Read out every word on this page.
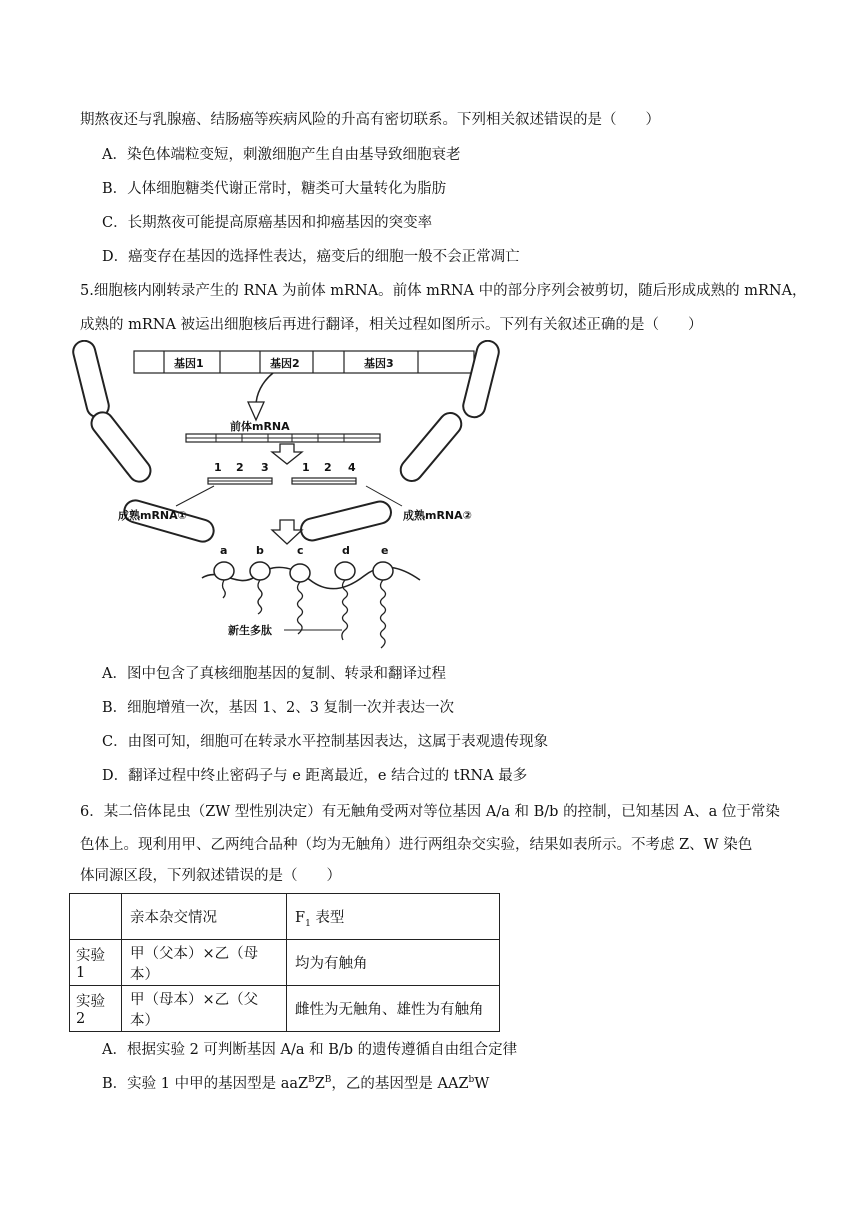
期熬夜还与乳腺癌、结肠癌等疾病风险的升高有密切联系。下列相关叙述错误的是（　　）
A．染色体端粒变短，刺激细胞产生自由基导致细胞衰老
B．人体细胞糖类代谢正常时，糖类可大量转化为脂肪
C．长期熬夜可能提高原癌基因和抑癌基因的突变率
D．癌变存在基因的选择性表达，癌变后的细胞一般不会正常凋亡
5.细胞核内刚转录产生的 RNA 为前体 mRNA。前体 mRNA 中的部分序列会被剪切，随后形成成熟的 mRNA，
成熟的 mRNA 被运出细胞核后再进行翻译，相关过程如图所示。下列有关叙述正确的是（　　）
基因1	基因2	基因3
前体mRNA
1 2 3	1 2 4
成熟mRNA①	成熟mRNA②
a	b	c	d	e
新生多肽
A．图中包含了真核细胞基因的复制、转录和翻译过程
B．细胞增殖一次，基因 1、2、3 复制一次并表达一次
C．由图可知，细胞可在转录水平控制基因表达，这属于表观遗传现象
D．翻译过程中终止密码子与 e 距离最近，e 结合过的 tRNA 最多
6．某二倍体昆虫（ZW 型性别决定）有无触角受两对等位基因 A/a 和 B/b 的控制，已知基因 A、a 位于常染
色体上。现利用甲、乙两纯合品种（均为无触角）进行两组杂交实验，结果如表所示。不考虑 Z、W 染色
体同源区段，下列叙述错误的是（　　）
	亲本杂交情况	$F_1$ 表型
实验 1	甲（父本）×乙（母本）	均为有触角
实验 2	甲（母本）×乙（父本）	雌性为无触角、雄性为有触角
A．根据实验 2 可判断基因 A/a 和 B/b 的遗传遵循自由组合定律
B．实验 1 中甲的基因型是 $aaZ^BZ^B$，乙的基因型是 AAZ$^b$W
